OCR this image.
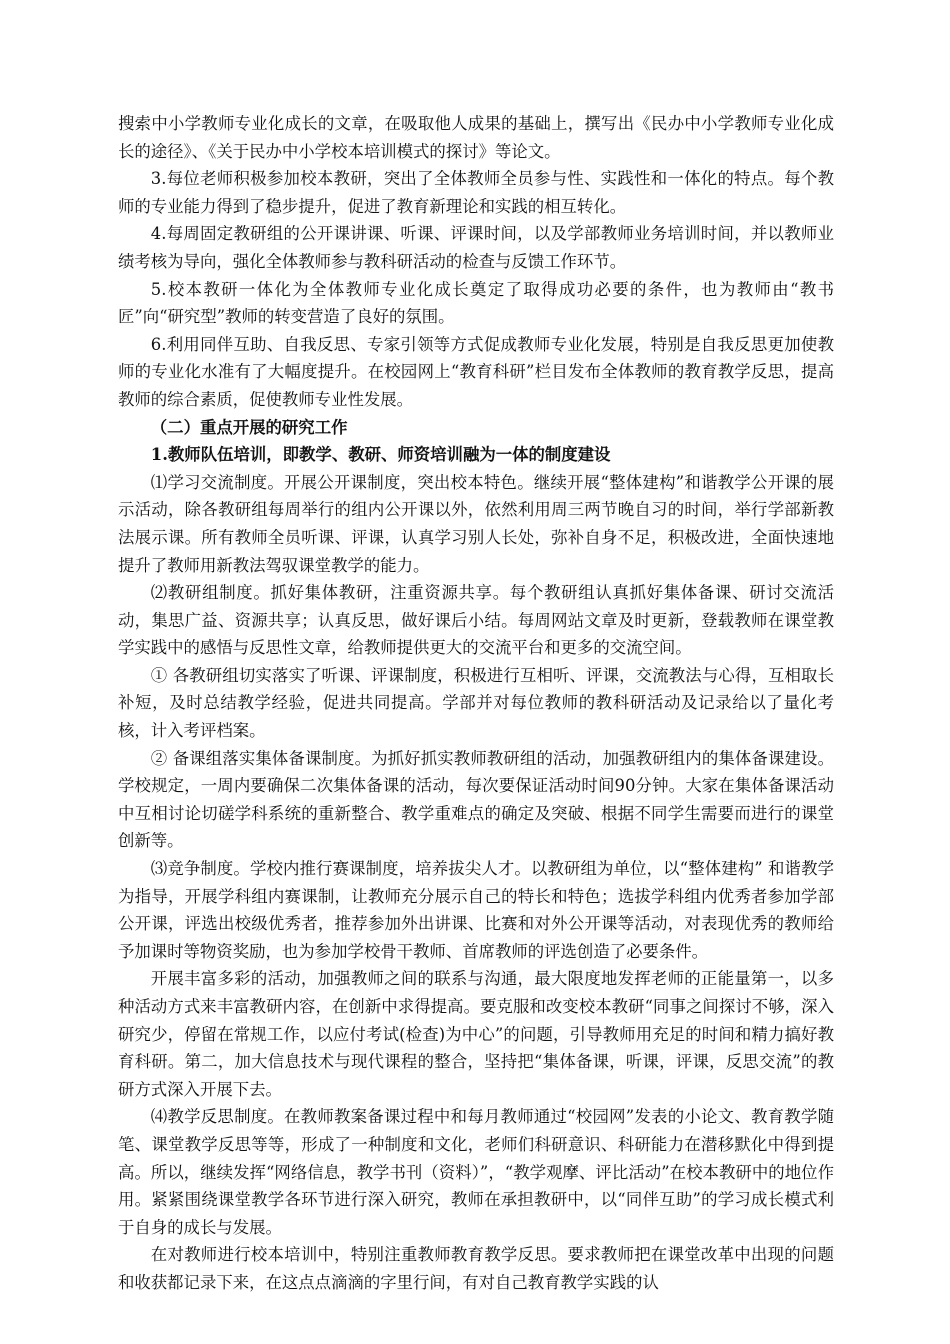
搜索中小学教师专业化成长的文章，在吸取他人成果的基础上，撰写出《民办中小学教师专业化成长的途径》、《关于民办中小学校本培训模式的探讨》等论文。

3.每位老师积极参加校本教研，突出了全体教师全员参与性、实践性和一体化的特点。每个教师的专业能力得到了稳步提升，促进了教育新理论和实践的相互转化。

4.每周固定教研组的公开课讲课、听课、评课时间，以及学部教师业务培训时间，并以教师业绩考核为导向，强化全体教师参与教科研活动的检查与反馈工作环节。

5.校本教研一体化为全体教师专业化成长奠定了取得成功必要的条件，也为教师由“教书匠”向“研究型”教师的转变营造了良好的氛围。

6.利用同伴互助、自我反思、专家引领等方式促成教师专业化发展，特别是自我反思更加使教师的专业化水准有了大幅度提升。在校园网上“教育科研”栏目发布全体教师的教育教学反思，提高教师的综合素质，促使教师专业性发展。

（二）重点开展的研究工作

1.教师队伍培训，即教学、教研、师资培训融为一体的制度建设

⑴学习交流制度。开展公开课制度，突出校本特色。继续开展“整体建构”和谐教学公开课的展示活动，除各教研组每周举行的组内公开课以外，依然利用周三两节晚自习的时间，举行学部新教法展示课。所有教师全员听课、评课，认真学习别人长处，弥补自身不足，积极改进，全面快速地提升了教师用新教法驾驭课堂教学的能力。

⑵教研组制度。抓好集体教研，注重资源共享。每个教研组认真抓好集体备课、研讨交流活动，集思广益、资源共享；认真反思，做好课后小结。每周网站文章及时更新，登载教师在课堂教学实践中的感悟与反思性文章，给教师提供更大的交流平台和更多的交流空间。

① 各教研组切实落实了听课、评课制度，积极进行互相听、评课，交流教法与心得，互相取长补短，及时总结教学经验，促进共同提高。学部并对每位教师的教科研活动及记录给以了量化考核，计入考评档案。

② 备课组落实集体备课制度。为抓好抓实教师教研组的活动，加强教研组内的集体备课建设。学校规定，一周内要确保二次集体备课的活动，每次要保证活动时间90分钟。大家在集体备课活动中互相讨论切磋学科系统的重新整合、教学重难点的确定及突破、根据不同学生需要而进行的课堂创新等。

⑶竞争制度。学校内推行赛课制度，培养拔尖人才。以教研组为单位，以“整体建构” 和谐教学为指导，开展学科组内赛课制，让教师充分展示自己的特长和特色；选拔学科组内优秀者参加学部公开课，评选出校级优秀者，推荐参加外出讲课、比赛和对外公开课等活动，对表现优秀的教师给予加课时等物资奖励，也为参加学校骨干教师、首席教师的评选创造了必要条件。

开展丰富多彩的活动，加强教师之间的联系与沟通，最大限度地发挥老师的正能量第一，以多种活动方式来丰富教研内容，在创新中求得提高。要克服和改变校本教研“同事之间探讨不够，深入研究少，停留在常规工作，以应付考试(检查)为中心”的问题，引导教师用充足的时间和精力搞好教育科研。第二，加大信息技术与现代课程的整合，坚持把“集体备课，听课，评课，反思交流”的教研方式深入开展下去。

⑷教学反思制度。在教师教案备课过程中和每月教师通过“校园网”发表的小论文、教育教学随笔、课堂教学反思等等，形成了一种制度和文化，老师们科研意识、科研能力在潜移默化中得到提高。所以，继续发挥“网络信息，教学书刊（资料）”，“教学观摩、评比活动”在校本教研中的地位作用。紧紧围绕课堂教学各环节进行深入研究，教师在承担教研中，以“同伴互助”的学习成长模式利于自身的成长与发展。

在对教师进行校本培训中，特别注重教师教育教学反思。要求教师把在课堂改革中出现的问题和收获都记录下来，在这点点滴滴的字里行间，有对自己教育教学实践的认
